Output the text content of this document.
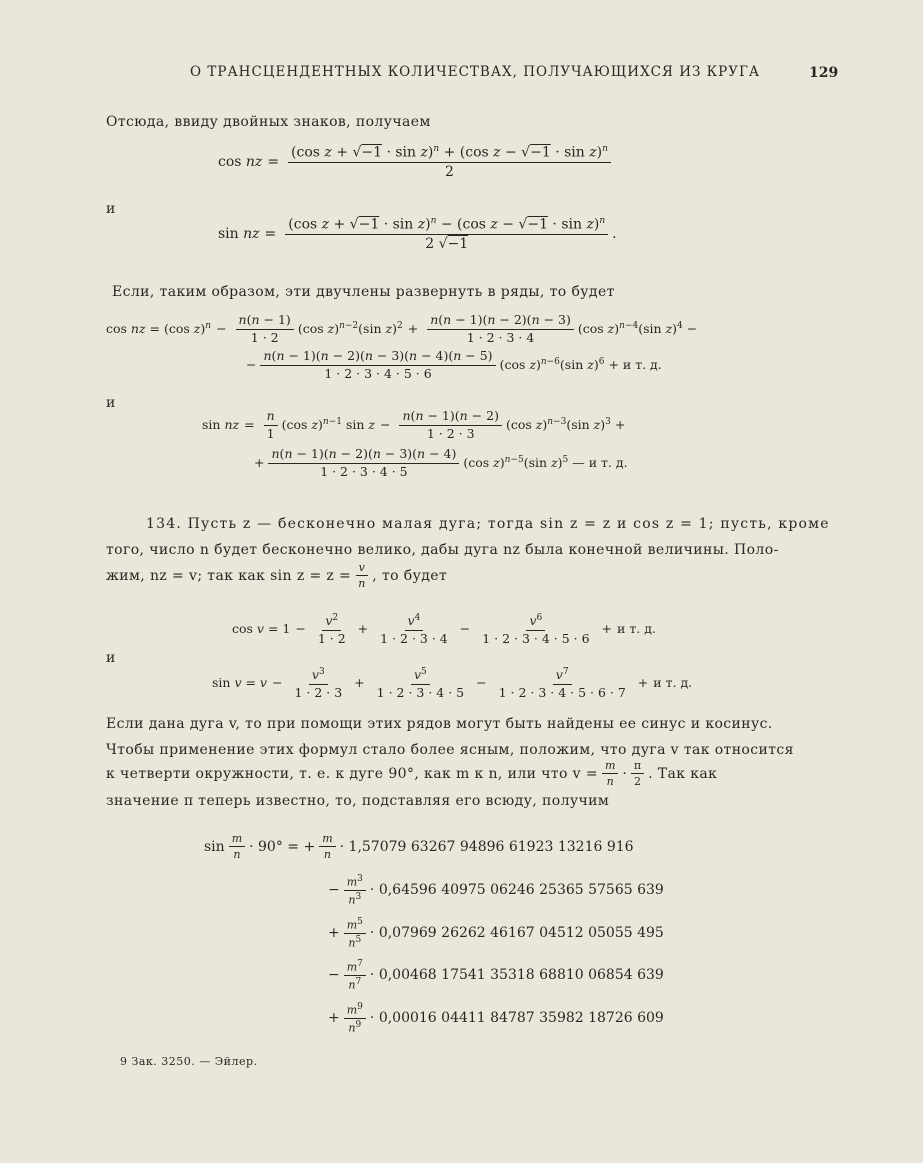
О ТРАНСЦЕНДЕНТНЫХ КОЛИЧЕСТВАХ, ПОЛУЧАЮЩИХСЯ ИЗ КРУГА	129
Отсюда, ввиду двойных знаков, получаем
cos nz = $\frac{(\cos z + √-1 \cdot \sin z)^n + (\cos z - √-1 \cdot \sin z)^n}{2}$
и
sin nz = $\frac{(\cos z + √-1 \cdot \sin z)^n - (\cos z - √-1 \cdot \sin z)^n}{2 √-1}$ .
Если, таким образом, эти двучлены развернуть в ряды, то будет
cos nz = (cos $z)^n - \frac{n(n - 1)}{1 \cdot 2} (\cos$ z)$^{n-2}$(sin $z)^2 + \frac{n(n - 1)(n - 2)(n - 3)}{1 \cdot 2 \cdot 3 \cdot 4} (\cos$ z)$^{n-4}$(sin z)$^4$ −
− $\frac{n(n - 1)(n - 2)(n - 3)(n - 4)(n - 5)}{1 \cdot 2 \cdot 3 \cdot 4 \cdot 5 \cdot 6} (\cos$ z)$^{n-6}$(sin z)$^6$ + и т. д.
и
sin nz = $\frac{n}{1} (\cos$ z)$^{n-1}$ $\sin z - \frac{n(n - 1)(n - 2)}{1 \cdot 2 \cdot 3} (\cos$ z)$^{n-3}$(sin z)$^3$ +
+ $\frac{n(n - 1)(n - 2)(n - 3)(n - 4)}{1 \cdot 2 \cdot 3 \cdot 4 \cdot 5} (\cos$ z)$^{n-5}$(sin z)$^5$ — и т. д.
134. Пусть z — бесконечно малая дуга; тогда sin z = z и cos z = 1; пусть, кроме
того, число n будет бесконечно велико, дабы дуга nz была конечной величины. Поло-
жим, nz = v; так как $\sin z = z = \frac{v}{n}$ , то будет
$\cos v = 1 - \frac{v^2}{1 \cdot 2} + \frac{v^4}{1 \cdot 2 \cdot 3 \cdot 4} - \frac{v^6}{1 \cdot 2 \cdot 3 \cdot 4 \cdot 5 \cdot 6} + и$ т. д.
и
$\sin v = v - \frac{v^3}{1 \cdot 2 \cdot 3} + \frac{v^5}{1 \cdot 2 \cdot 3 \cdot 4 \cdot 5} - \frac{v^7}{1 \cdot 2 \cdot 3 \cdot 4 \cdot 5 \cdot 6 \cdot 7} + и$ т. д.
Если дана дуга v, то при помощи этих рядов могут быть найдены ее синус и косинус.
Чтобы применение этих формул стало более ясным, положим, что дуга v так относится
к четверти окружности, т. е. к дуге 90°, как m к n, или что $v = \frac{m}{n} \cdot \frac{\pi}{2}$ . Так как
значение π теперь известно, то, подставляя его всюду, получим
$\sin \frac{m}{n} \cdot 90^\circ$ = + $\frac{m}{n} \cdot 1,57079$ 63267 94896 61923 13216 916
− $\frac{m^3}{n^3} \cdot 0,64596$ 40975 06246 25365 57565 639
+ $\frac{m^5}{n^5} \cdot 0,07969$ 26262 46167 04512 05055 495
− $\frac{m^7}{n^7} \cdot 0,00468$ 17541 35318 68810 06854 639
+ $\frac{m^9}{n^9} \cdot 0,00016$ 04411 84787 35982 18726 609
9 Зак. 3250. — Эйлер.
